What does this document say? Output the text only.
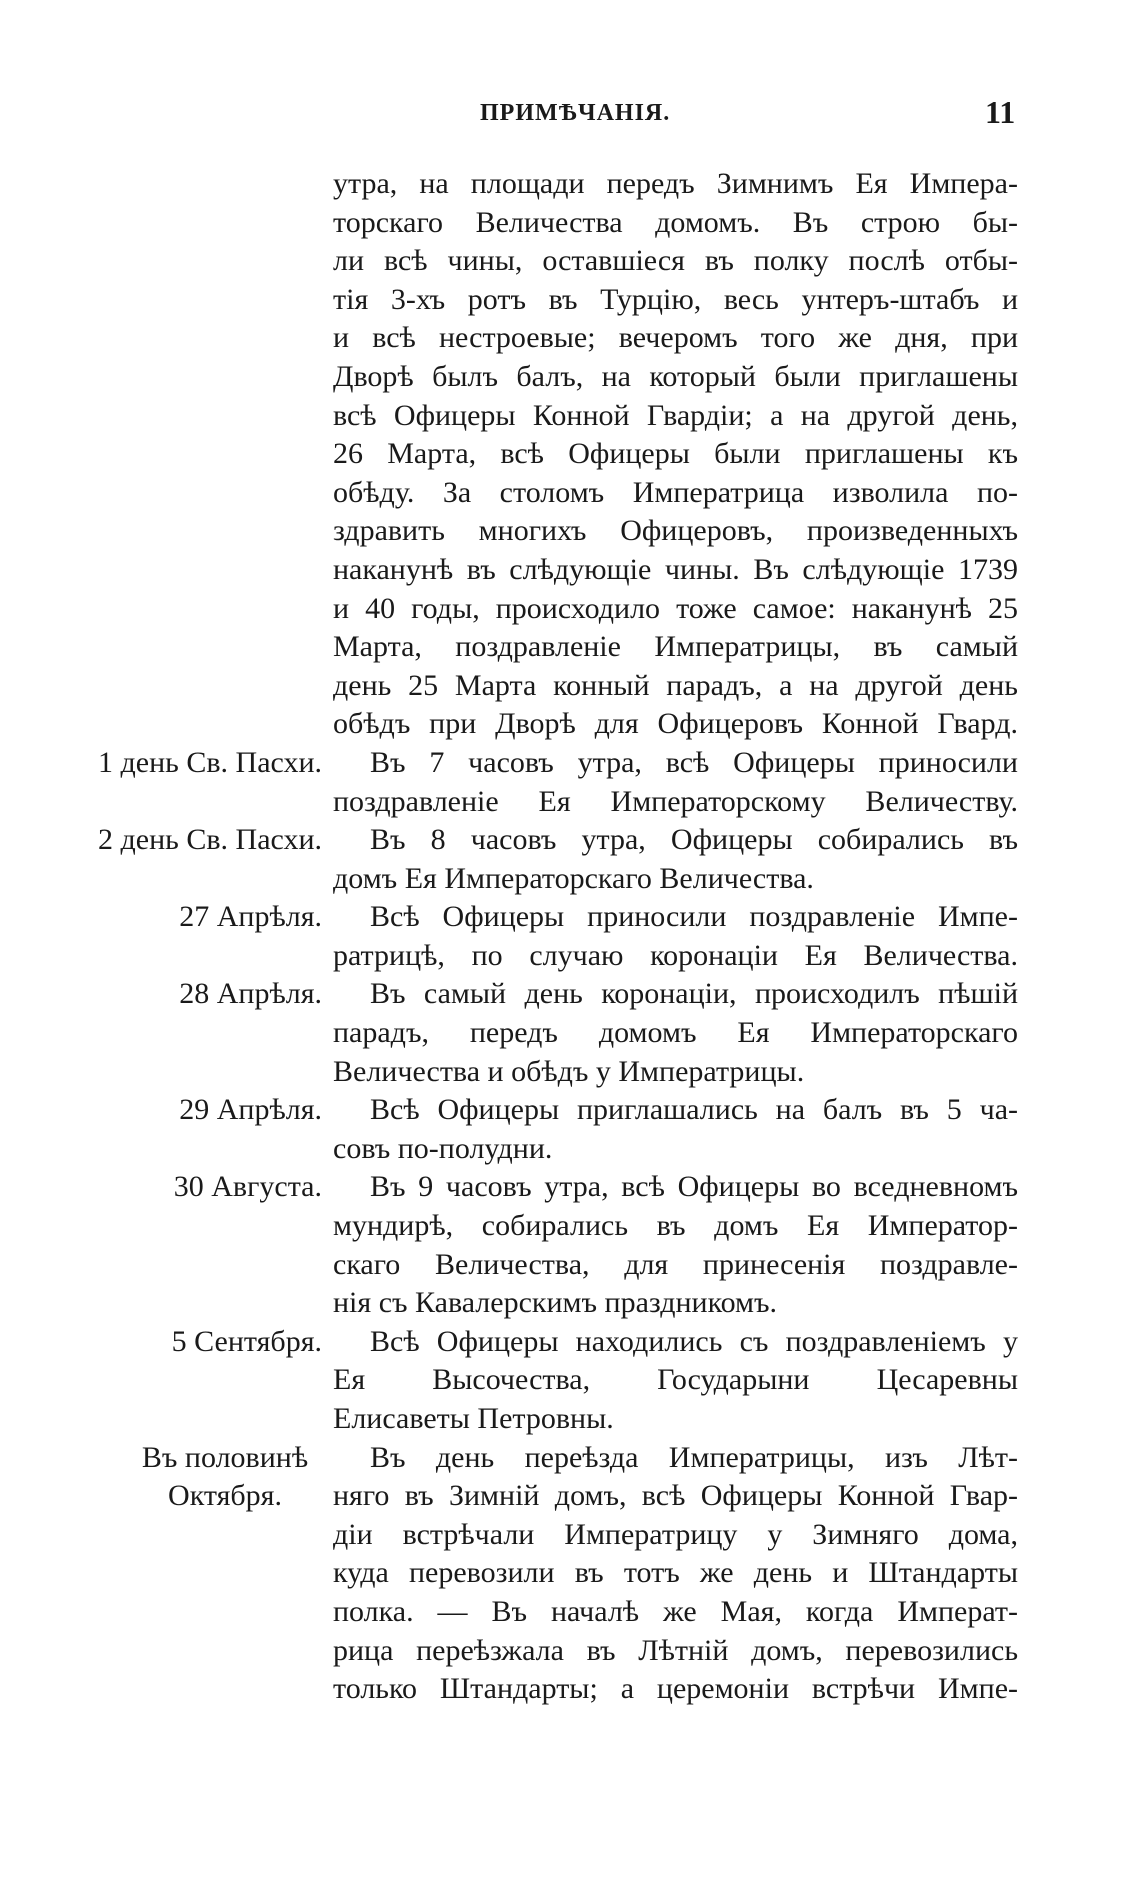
ПРИМѢЧАНІЯ.	11
утра, на площади передъ Зимнимъ Ея Импера-
торскаго Величества домомъ. Въ строю бы-
ли всѣ чины, оставшіеся въ полку послѣ отбы-
тія 3-хъ ротъ въ Турцію, весь унтеръ-штабъ и
и всѣ нестроевые; вечеромъ того же дня, при
Дворѣ былъ балъ, на который были приглашены
всѣ Офицеры Конной Гвардіи; а на другой день,
26 Марта, всѣ Офицеры были приглашены къ
обѣду. За столомъ Императрица изволила по-
здравить многихъ Офицеровъ, произведенныхъ
наканунѣ въ слѣдующіе чины. Въ слѣдующіе 1739
и 40 годы, происходило тоже самое: наканунѣ 25
Марта, поздравленіе Императрицы, въ самый
день 25 Марта конный парадъ, а на другой день
обѣдъ при Дворѣ для Офицеровъ Конной Гвард.
1 день Св. Пасхи. Въ 7 часовъ утра, всѣ Офицеры приносили
поздравленіе Ея Императорскому Величеству.
2 день Св. Пасхи. Въ 8 часовъ утра, Офицеры собирались въ
домъ Ея Императорскаго Величества.
27 Апрѣля. Всѣ Офицеры приносили поздравленіе Импе-
ратрицѣ, по случаю коронаціи Ея Величества.
28 Апрѣля. Въ самый день коронаціи, происходилъ пѣшій
парадъ, передъ домомъ Ея Императорскаго
Величества и обѣдъ у Императрицы.
29 Апрѣля. Всѣ Офицеры приглашались на балъ въ 5 ча-
совъ по-полудни.
30 Августа. Въ 9 часовъ утра, всѣ Офицеры во вседневномъ
мундирѣ, собирались въ домъ Ея Император-
скаго Величества, для принесенія поздравле-
нія съ Кавалерскимъ праздникомъ.
5 Сентября. Всѣ Офицеры находились съ поздравленіемъ у
Ея Высочества, Государыни Цесаревны
Елисаветы Петровны.
Въ половинѣ	Въ день переѣзда Императрицы, изъ Лѣт-
Октября.	няго въ Зимній домъ, всѣ Офицеры Конной Гвар-
діи встрѣчали Императрицу у Зимняго дома,
куда перевозили въ тотъ же день и Штандарты
полка. — Въ началѣ же Мая, когда Императ-
рица переѣзжала въ Лѣтній домъ, перевозились
только Штандарты; а церемоніи встрѣчи Импе-
